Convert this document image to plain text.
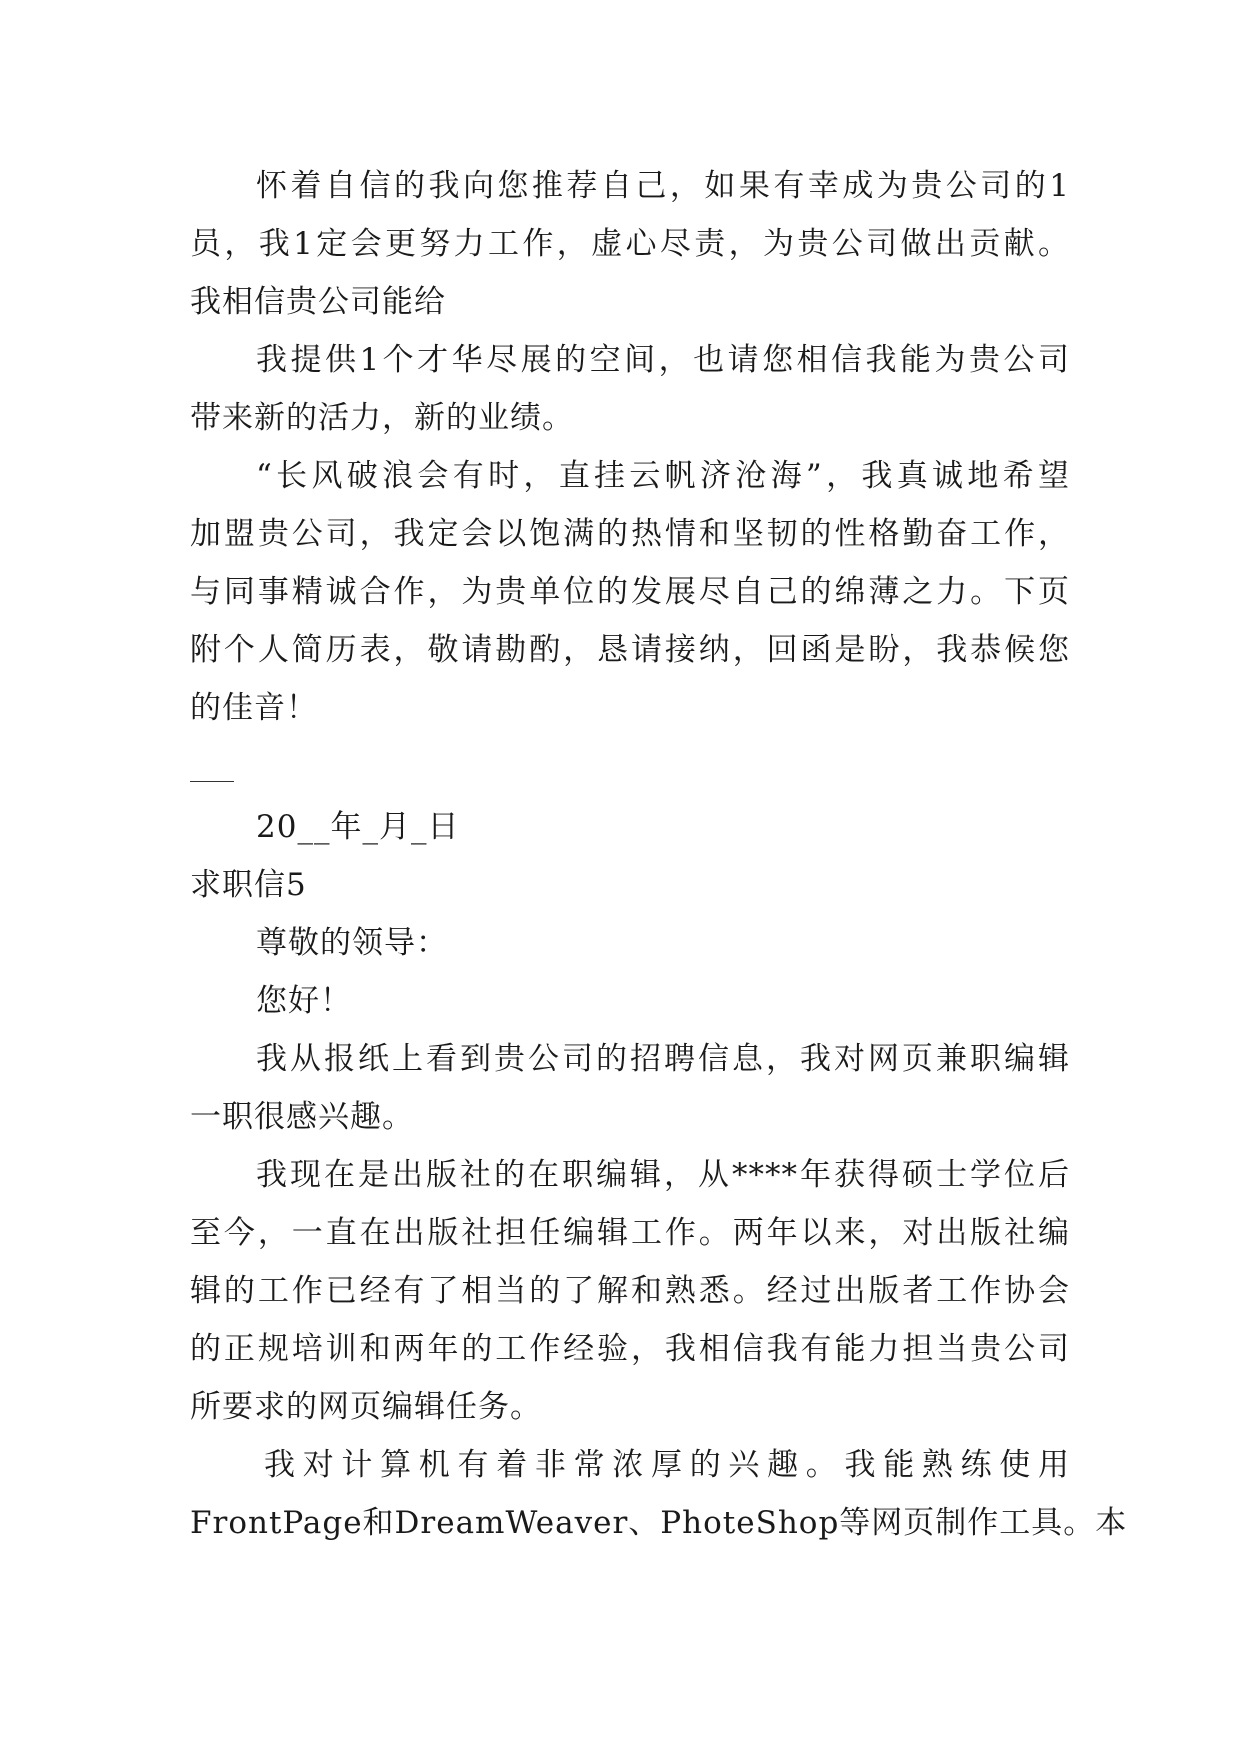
怀着自信的我向您推荐自己，如果有幸成为贵公司的1
员，我1定会更努力工作，虚心尽责，为贵公司做出贡献。
我相信贵公司能给
我提供1个才华尽展的空间，也请您相信我能为贵公司
带来新的活力，新的业绩。
“长风破浪会有时，直挂云帆济沧海”，我真诚地希望
加盟贵公司，我定会以饱满的热情和坚韧的性格勤奋工作，
与同事精诚合作，为贵单位的发展尽自己的绵薄之力。下页
附个人简历表，敬请勘酌，恳请接纳，回函是盼，我恭候您
的佳音！
20__年_月_日
求职信5
尊敬的领导：
您好！
我从报纸上看到贵公司的招聘信息，我对网页兼职编辑
一职很感兴趣。
我现在是出版社的在职编辑，从****年获得硕士学位后
至今，一直在出版社担任编辑工作。两年以来，对出版社编
辑的工作已经有了相当的了解和熟悉。经过出版者工作协会
的正规培训和两年的工作经验，我相信我有能力担当贵公司
所要求的网页编辑任务。
我对计算机有着非常浓厚的兴趣。我能熟练使用
FrontPage和DreamWeaver、PhoteShop等网页制作工具。本
